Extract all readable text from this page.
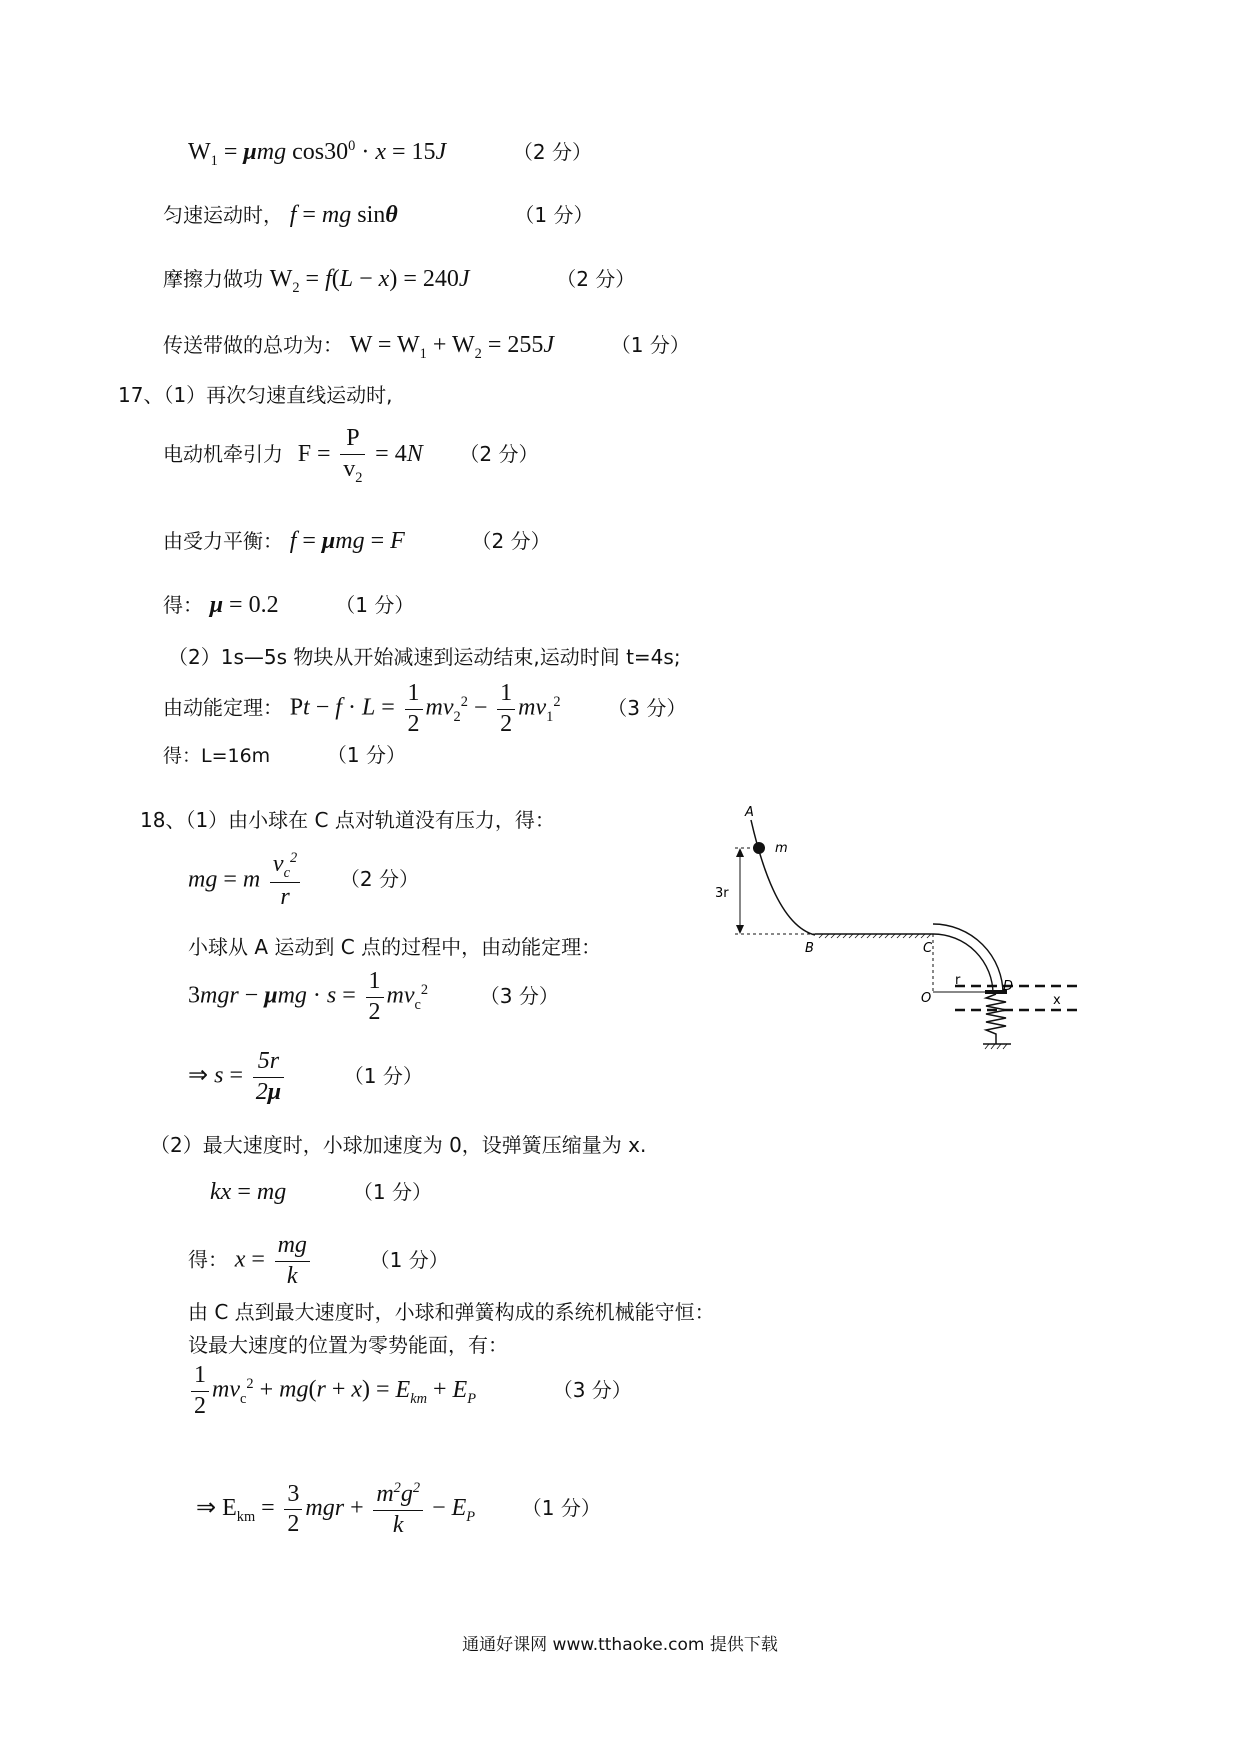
$W_1 = \mu mg$ $\cos 30^0 \cdot x = 15J$	（2 分）
匀速运动时， f = mg sinθ	（1 分）
摩擦力做功 $W_2 = f(L - x) = 240J$	（2 分）
传送带做的总功为： $W = W_1 + W_2 = 255J$	（1 分）
17、（1）再次匀速直线运动时,
电动机牵引力 $F = \frac{P}{v_2} = 4N$ （2 分）
由受力平衡： f = μmg = F	（2 分）
得： μ = 0.2	（1 分）
（2）1s—5s 物块从开始减速到运动结束,运动时间 t=4s;
由动能定理： $Pt - f \cdot L = \frac{1}{2} mv_2^2 - \frac{1}{2} mv_1^2$ （3 分）
得：L=16m	（1 分）
18、（1）由小球在 C 点对轨道没有压力，得：
mg = m $\frac{v_c^2}{r} (2$ 分）
小球从 A 运动到 C 点的过程中，由动能定理：
$3mgr - \mu mg \cdot s = \frac{1}{2} mv_c^2$	（3 分）
⇒ $s = \frac{5r}{2\mu}$	（1 分）
（2）最大速度时，小球加速度为 0，设弹簧压缩量为 x.
kx = mg	（1 分）
得： $x = \frac{mg}{k}$	（1 分）
由 C 点到最大速度时，小球和弹簧构成的系统机械能守恒：
设最大速度的位置为零势能面，有：
$\frac{1}{2} mv_c^2 + mg(r + x) = E_{km} + E_P$	（3 分）
⇒ $E_{km} = \frac{3}{2}$ mgr + $\frac{m^2g^2}{k} - E_P$ （1 分）
A
m
3r
B	C
O
r	D
x
通通好课网 www.tthaoke.com 提供下载
